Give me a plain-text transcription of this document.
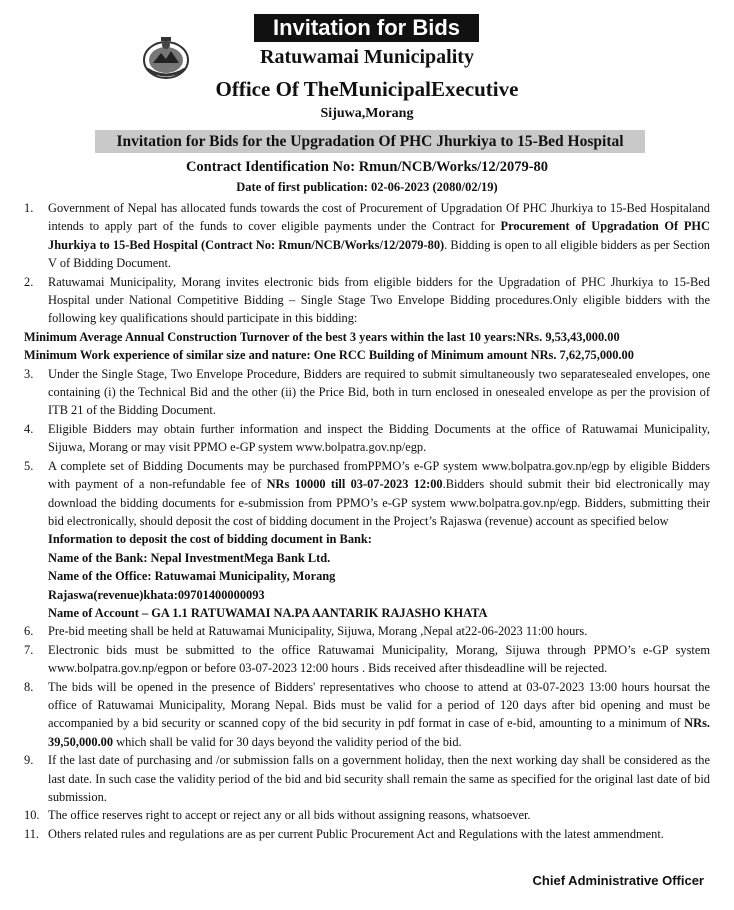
Invitation for Bids
Ratuwamai Municipality
Office Of TheMunicipalExecutive
Sijuwa,Morang
Invitation for Bids for the Upgradation Of PHC Jhurkiya to 15-Bed Hospital
Contract Identification No: Rmun/NCB/Works/12/2079-80
Date of first publication: 02-06-2023 (2080/02/19)
1. Government of Nepal has allocated funds towards the cost of Procurement of Upgradation Of PHC Jhurkiya to 15-Bed Hospitaland intends to apply part of the funds to cover eligible payments under the Contract for Procurement of Upgradation Of PHC Jhurkiya to 15-Bed Hospital (Contract No: Rmun/NCB/Works/12/2079-80). Bidding is open to all eligible bidders as per Section V of Bidding Document.
2. Ratuwamai Municipality, Morang invites electronic bids from eligible bidders for the Upgradation of PHC Jhurkiya to 15-Bed Hospital under National Competitive Bidding – Single Stage Two Envelope Bidding procedures.Only eligible bidders with the following key qualifications should participate in this bidding:
Minimum Average Annual Construction Turnover of the best 3 years within the last 10 years:NRs. 9,53,43,000.00
Minimum Work experience of similar size and nature: One RCC Building of Minimum amount NRs. 7,62,75,000.00
3. Under the Single Stage, Two Envelope Procedure, Bidders are required to submit simultaneously two separatesealed envelopes, one containing (i) the Technical Bid and the other (ii) the Price Bid, both in turn enclosed in onesealed envelope as per the provision of ITB 21 of the Bidding Document.
4. Eligible Bidders may obtain further information and inspect the Bidding Documents at the office of Ratuwamai Municipality, Sijuwa, Morang or may visit PPMO e-GP system www.bolpatra.gov.np/egp.
5. A complete set of Bidding Documents may be purchased fromPPMO’s e-GP system www.bolpatra.gov.np/egp by eligible Bidders with payment of a non-refundable fee of NRs 10000 till 03-07-2023 12:00.Bidders should submit their bid electronically may download the bidding documents for e-submission from PPMO’s e-GP system www.bolpatra.gov.np/egp. Bidders, submitting their bid electronically, should deposit the cost of bidding document in the Project’s Rajaswa (revenue) account as specified below
Information to deposit the cost of bidding document in Bank:
Name of the Bank: Nepal InvestmentMega Bank Ltd.
Name of the Office: Ratuwamai Municipality, Morang
Rajaswa(revenue)khata:09701400000093
Name of Account – GA 1.1 RATUWAMAI NA.PA AANTARIK RAJASHO KHATA
6. Pre-bid meeting shall be held at Ratuwamai Municipality, Sijuwa, Morang ,Nepal at22-06-2023 11:00 hours.
7. Electronic bids must be submitted to the office Ratuwamai Municipality, Morang, Sijuwa through PPMO’s e-GP system www.bolpatra.gov.np/egpon or before 03-07-2023 12:00 hours . Bids received after thisdeadline will be rejected.
8. The bids will be opened in the presence of Bidders' representatives who choose to attend at 03-07-2023 13:00 hours hoursat the office of Ratuwamai Municipality, Morang Nepal. Bids must be valid for a period of 120 days after bid opening and must be accompanied by a bid security or scanned copy of the bid security in pdf format in case of e-bid, amounting to a minimum of NRs. 39,50,000.00 which shall be valid for 30 days beyond the validity period of the bid.
9. If the last date of purchasing and /or submission falls on a government holiday, then the next working day shall be considered as the last date. In such case the validity period of the bid and bid security shall remain the same as specified for the original last date of bid submission.
10. The office reserves right to accept or reject any or all bids without assigning reasons, whatsoever.
11. Others related rules and regulations are as per current Public Procurement Act and Regulations with the latest ammendment.
Chief Administrative Officer
